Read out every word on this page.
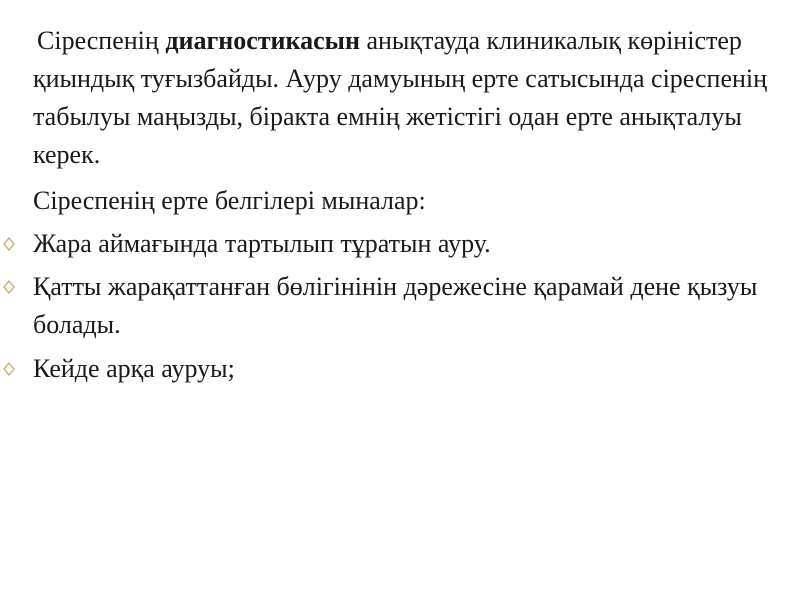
Сіреспенің диагностикасын анықтауда клиникалық көріністер қиындық туғызбайды. Ауру дамуының ерте сатысында сіреспенің табылуы маңызды, біракта емнің жетістігі одан ерте анықталуы керек.

Сіреспенің ерте белгілері мыналар:

Жара аймағында тартылып тұратын ауру.
Қатты жарақаттанған бөлігінінін дәрежесіне қарамай дене қызуы болады.
Кейде арқа ауруы;
